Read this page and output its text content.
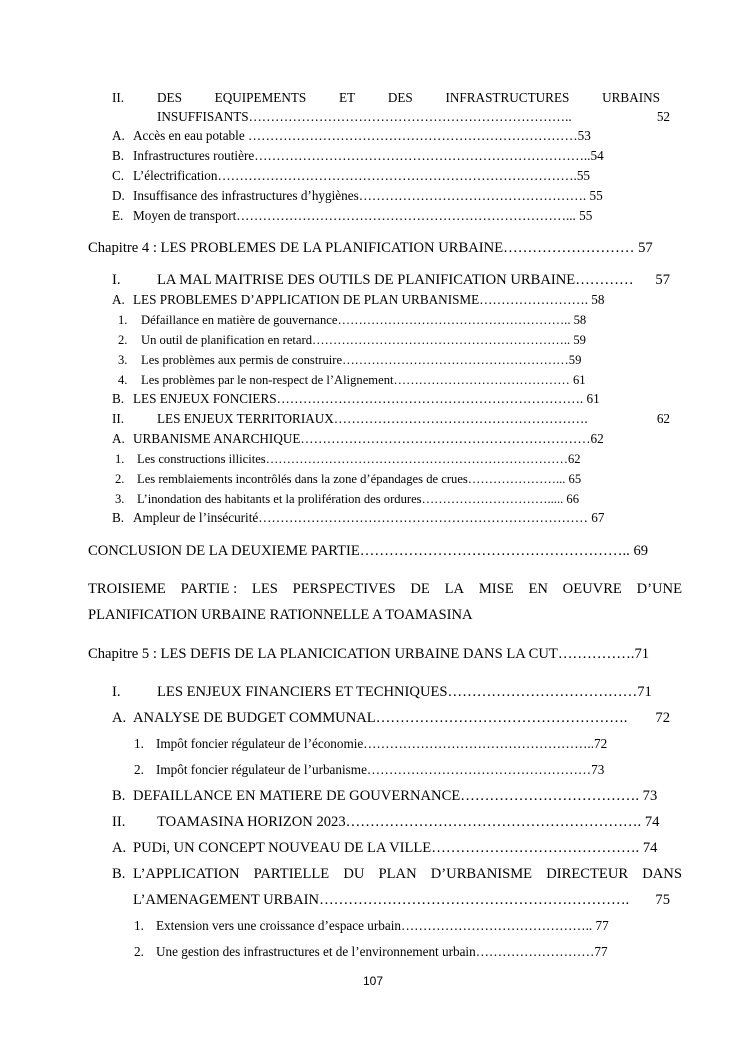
II. DES EQUIPEMENTS ET DES INFRASTRUCTURES URBAINS
INSUFFISANTS………………………………………………………………..	52
A. Accès en eau potable …………………………………………………………………53
B. Infrastructures routière…………………………………………………………………..54
C. L’électrification……………………………………………………………………….55
D. Insuffisance des infrastructures d’hygiènes……………………………………………. 55
E. Moyen de transport…………………………………………………………………... 55
Chapitre 4 : LES PROBLEMES DE LA PLANIFICATION URBAINE……………………… 57
I. LA MAL MAITRISE DES OUTILS DE PLANIFICATION URBAINE………… 57
A. LES PROBLEMES D’APPLICATION DE PLAN URBANISME……………………. 58
1. Défaillance en matière de gouvernance……………………………………………….. 58
2. Un outil de planification en retard…………………………………………………….. 59
3. Les problèmes aux permis de construire………………………………………………59
4. Les problèmes par le non-respect de l’Alignement…………………………………… 61
B. LES ENJEUX FONCIERS……………………………………………………………. 61
II. LES ENJEUX TERRITORIAUX………………………………………………….	62
A. URBANISME ANARCHIQUE…………………………………………………………62
1. Les constructions illicites………………………………………………………………62
2. Les remblaiements incontrôlés dans la zone d’épandages de crues…………………... 65
3. L’inondation des habitants et la prolifération des ordures…………………………..... 66
B. Ampleur de l’insécurité………………………………………………………………… 67
CONCLUSION DE LA DEUXIEME PARTIE……………………………………………….. 69
TROISIEME PARTIE : LES PERSPECTIVES DE LA MISE EN OEUVRE D’UNE
PLANIFICATION URBAINE RATIONNELLE A TOAMASINA
Chapitre 5 : LES DEFIS DE LA PLANICICATION URBAINE DANS LA CUT…………….71
I. LES ENJEUX FINANCIERS ET TECHNIQUES…………………………………71
A. ANALYSE DE BUDGET COMMUNAL……………………………………………. 72
1. Impôt foncier régulateur de l’économie……………………………………………..72
2. Impôt foncier régulateur de l’urbanisme……………………………………………73
B. DEFAILLANCE EN MATIERE DE GOUVERNANCE………………………………. 73
II. TOAMASINA HORIZON 2023……………………………………………………. 74
A. PUDi, UN CONCEPT NOUVEAU DE LA VILLE……………………………………. 74
B. L’APPLICATION PARTIELLE DU PLAN D’URBANISME DIRECTEUR DANS
L’AMENAGEMENT URBAIN………………………………………………………. 75
1. Extension vers une croissance d’espace urbain…………………………………….. 77
2. Une gestion des infrastructures et de l’environnement urbain………………………77
107
